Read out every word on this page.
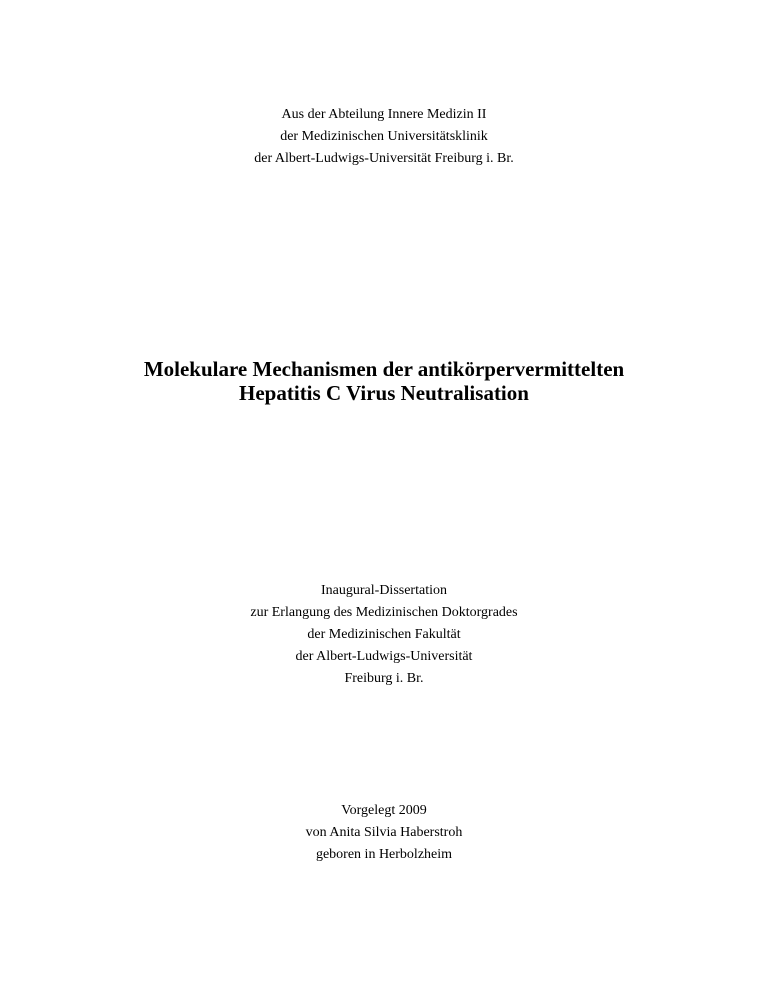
Aus der Abteilung Innere Medizin II
der Medizinischen Universitätsklinik
der Albert-Ludwigs-Universität Freiburg i. Br.
Molekulare Mechanismen der antikörpervermittelten
Hepatitis C Virus Neutralisation
Inaugural-Dissertation
zur Erlangung des Medizinischen Doktorgrades
der Medizinischen Fakultät
der Albert-Ludwigs-Universität
Freiburg i. Br.
Vorgelegt 2009
von Anita Silvia Haberstroh
geboren in Herbolzheim
